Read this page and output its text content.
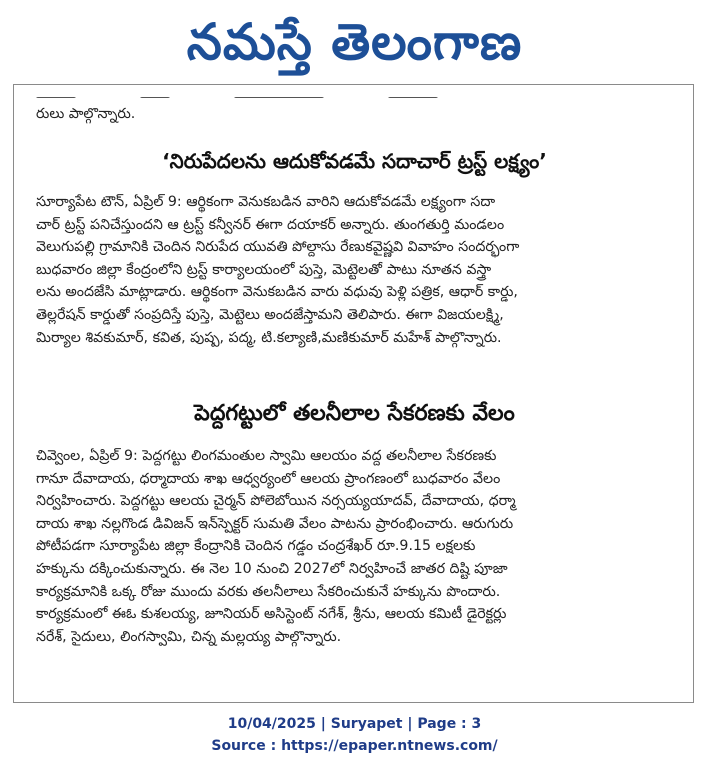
నమస్తే తెలంగాణ
రులు పాల్గొన్నారు.
‘నిరుపేదలను ఆదుకోవడమే సదాచార్ ట్రస్ట్ లక్ష్యం’
సూర్యాపేట టౌన్, ఏప్రిల్ 9: ఆర్థికంగా వెనుకబడిన వారిని ఆదుకోవడమే లక్ష్యంగా సదా
చార్ ట్రస్ట్ పనిచేస్తుందని ఆ ట్రస్ట్ కన్వీనర్ ఈగా దయాకర్ అన్నారు. తుంగతుర్తి మండలం
వెలుగుపల్లి గ్రామానికి చెందిన నిరుపేద యువతి పోల్దాసు రేణుకవైష్ణవి వివాహం సందర్భంగా
బుధవారం జిల్లా కేంద్రంలోని ట్రస్ట్ కార్యాలయంలో పుస్తె, మెట్టెలతో పాటు నూతన వస్త్రా
లను అందజేసి మాట్లాడారు. ఆర్థికంగా వెనుకబడిన వారు వధువు పెళ్లి పత్రిక, ఆధార్ కార్డు,
తెల్లరేషన్ కార్డుతో సంప్రదిస్తే పుస్తె, మెట్టెలు అందజేస్తామని తెలిపారు. ఈగా విజయలక్ష్మి,
మిర్యాల శివకుమార్, కవిత, పుష్ప, పద్మ, టి.కల్యాణి,మణికుమార్ మహేశ్ పాల్గొన్నారు.
పెద్దగట్టులో తలనీలాల సేకరణకు వేలం
చివ్వెంల, ఏప్రిల్ 9: పెద్దగట్టు లింగమంతుల స్వామి ఆలయం వద్ద తలనీలాల సేకరణకు
గానూ దేవాదాయ, ధర్మాదాయ శాఖ ఆధ్వర్యంలో ఆలయ ప్రాంగణంలో బుధవారం వేలం
నిర్వహించారు. పెద్దగట్టు ఆలయ చైర్మన్ పోలెబోయిన నర్సయ్యయాదవ్, దేవాదాయ, ధర్మా
దాయ శాఖ నల్లగొండ డివిజన్ ఇన్‌స్పెక్టర్ సుమతి వేలం పాటను ప్రారంభించారు. ఆరుగురు
పోటీపడగా సూర్యాపేట జిల్లా కేంద్రానికి చెందిన గడ్డం చంద్రశేఖర్ రూ.9.15 లక్షలకు
హక్కును దక్కించుకున్నారు. ఈ నెల 10 నుంచి 2027లో నిర్వహించే జాతర దిష్టి పూజా
కార్యక్రమానికి ఒక్క రోజు ముందు వరకు తలనీలాలు సేకరించుకునే హక్కును పొందారు.
కార్యక్రమంలో ఈఓ కుశలయ్య, జూనియర్ అసిస్టెంట్ నగేశ్, శ్రీను, ఆలయ కమిటీ డైరెక్టర్లు
నరేశ్, సైదులు, లింగస్వామి, చిన్న మల్లయ్య పాల్గొన్నారు.
10/04/2025 | Suryapet | Page : 3
Source : https://epaper.ntnews.com/
